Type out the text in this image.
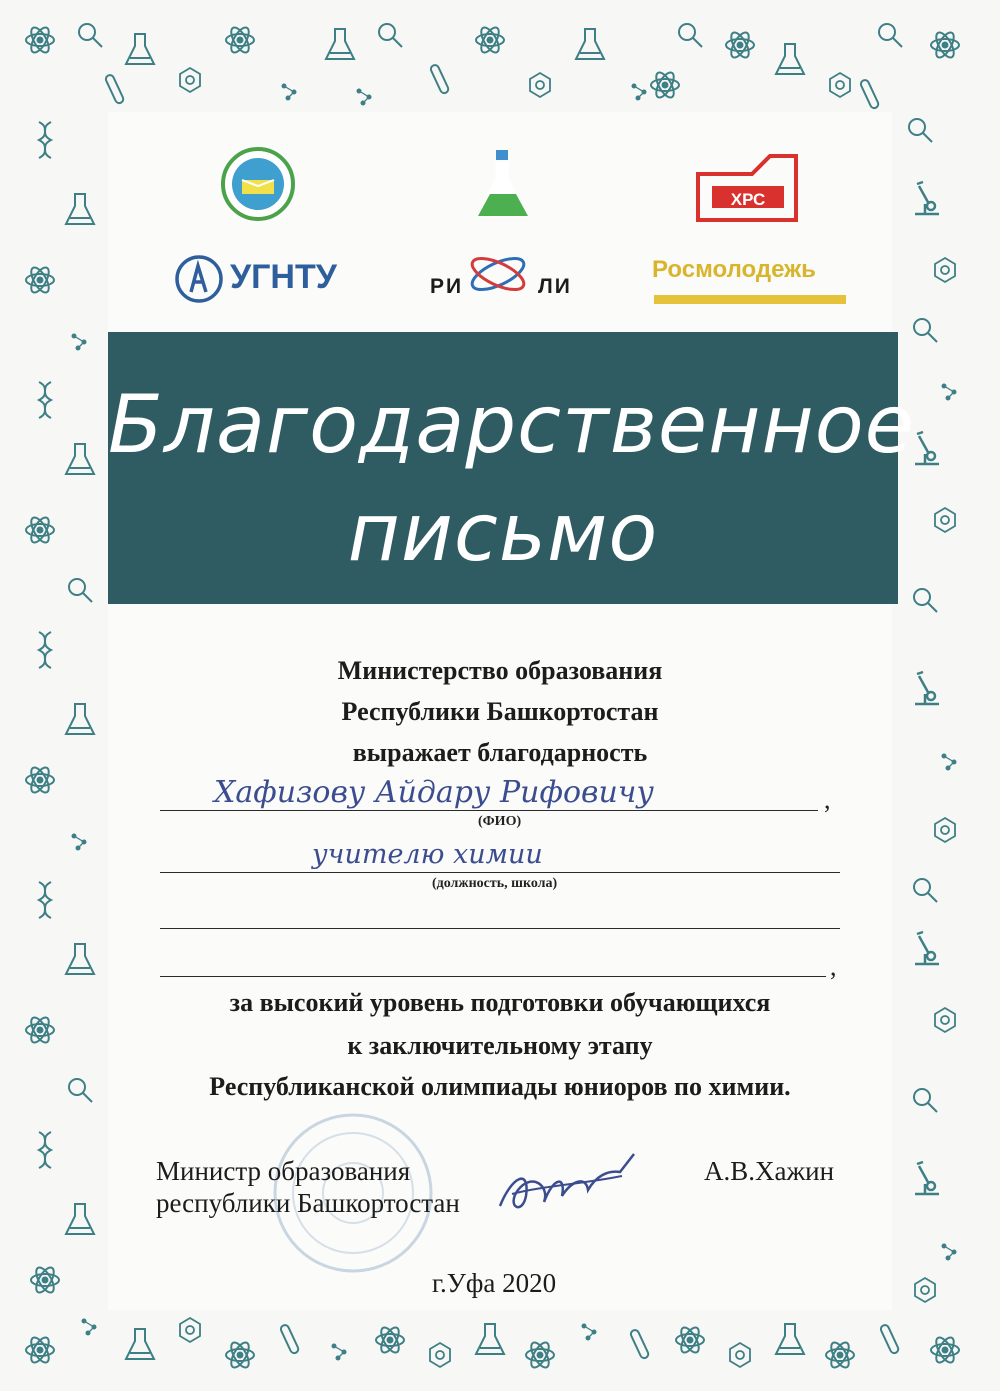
ХРС
УГНТУ	РИ	ЛИ
Росмолодежь
Благодарственное
письмо
Министерство образования
Республики Башкортостан
выражает благодарность
Хафизову Айдару Рифовичу	,
(ФИО)
учителю химии
(должность, школа)
,
за высокий уровень подготовки обучающихся
к заключительному этапу
Республиканской олимпиады юниоров по химии.
Министр образования
республики Башкортостан
А.В.Хажин
г.Уфа 2020
